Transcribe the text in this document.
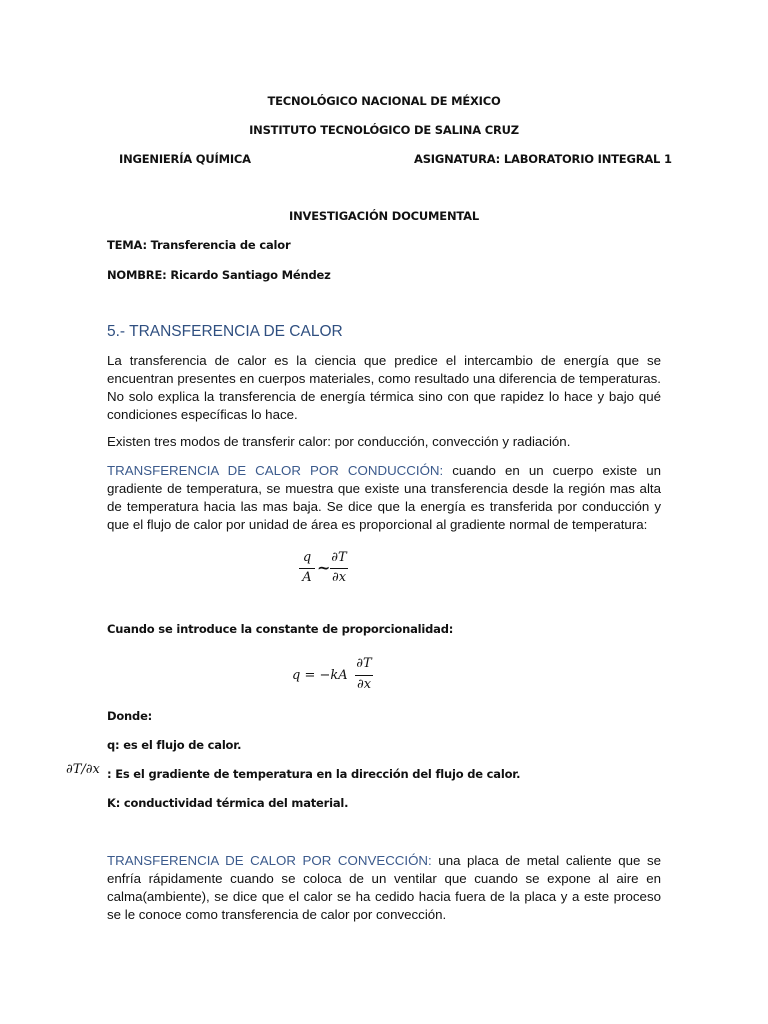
TECNOLÓGICO NACIONAL DE MÉXICO
INSTITUTO TECNOLÓGICO DE SALINA CRUZ
INGENIERÍA QUÍMICA	ASIGNATURA: LABORATORIO INTEGRAL 1
INVESTIGACIÓN DOCUMENTAL
TEMA: Transferencia de calor
NOMBRE: Ricardo Santiago Méndez
5.- TRANSFERENCIA DE CALOR
La transferencia de calor es la ciencia que predice el intercambio de energía que se encuentran presentes en cuerpos materiales, como resultado una diferencia de temperaturas. No solo explica la transferencia de energía térmica sino con que rapidez lo hace y bajo qué condiciones específicas lo hace.
Existen tres modos de transferir calor: por conducción, convección y radiación.
TRANSFERENCIA DE CALOR POR CONDUCCIÓN: cuando en un cuerpo existe un gradiente de temperatura, se muestra que existe una transferencia desde la región mas alta de temperatura hacia las mas baja. Se dice que la energía es transferida por conducción y que el flujo de calor por unidad de área es proporcional al gradiente normal de temperatura:
q
A
~
∂T
∂x
Cuando se introduce la constante de proporcionalidad:
q = −kA
∂T
∂x
Donde:
q: es el flujo de calor.
∂T/∂x : Es el gradiente de temperatura en la dirección del flujo de calor.
K: conductividad térmica del material.
TRANSFERENCIA DE CALOR POR CONVECCIÓN: una placa de metal caliente que se enfría rápidamente cuando se coloca de un ventilar que cuando se expone al aire en calma(ambiente), se dice que el calor se ha cedido hacia fuera de la placa y a este proceso se le conoce como transferencia de calor por convección.
